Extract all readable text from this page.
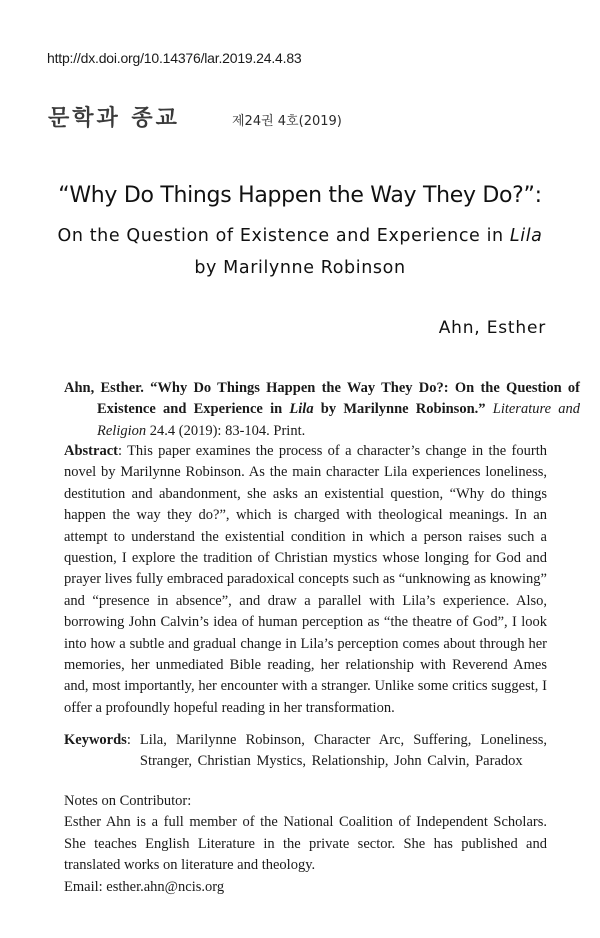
http://dx.doi.org/10.14376/lar.2019.24.4.83
문학과 종교	제24권 4호(2019)
“Why Do Things Happen the Way They Do?”:
On the Question of Existence and Experience in Lila
by Marilynne Robinson
Ahn, Esther
Ahn, Esther. “Why Do Things Happen the Way They Do?: On the Question of Existence and Experience in Lila by Marilynne Robinson.” Literature and Religion 24.4 (2019): 83-104. Print.
Abstract: This paper examines the process of a character’s change in the fourth novel by Marilynne Robinson. As the main character Lila experiences loneliness, destitution and abandonment, she asks an existential question, “Why do things happen the way they do?”, which is charged with theological meanings. In an attempt to understand the existential condition in which a person raises such a question, I explore the tradition of Christian mystics whose longing for God and prayer lives fully embraced paradoxical concepts such as “unknowing as knowing” and “presence in absence”, and draw a parallel with Lila’s experience. Also, borrowing John Calvin’s idea of human perception as “the theatre of God”, I look into how a subtle and gradual change in Lila’s perception comes about through her memories, her unmediated Bible reading, her relationship with Reverend Ames and, most importantly, her encounter with a stranger. Unlike some critics suggest, I offer a profoundly hopeful reading in her transformation.
Keywords : Lila, Marilynne Robinson, Character Arc, Suffering, Loneliness, Stranger, Christian Mystics, Relationship, John Calvin, Paradox
Notes on Contributor:
Esther Ahn is a full member of the National Coalition of Independent Scholars. She teaches English Literature in the private sector. She has published and translated works on literature and theology.
Email: esther.ahn@ncis.org
